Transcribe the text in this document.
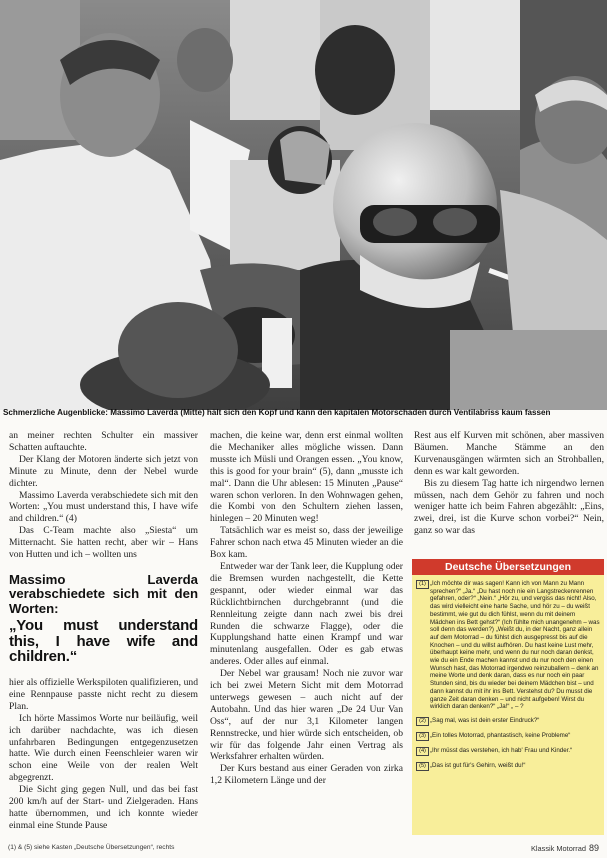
Schmerzliche Augenblicke: Massimo Laverda (Mitte) hält sich den Kopf und kann den kapitalen Motorschaden durch Ventilabriss kaum fassen

an meiner rechten Schulter ein massiver Schatten auftauchte.

Der Klang der Motoren änderte sich jetzt von Minute zu Minute, denn der Nebel wurde dichter.

Massimo Laverda verabschiedete sich mit den Worten: „You must understand this, I have wife and children.“ (4)

Das C-Team machte also „Siesta“ um Mitternacht. Sie hatten recht, aber wir – Hans von Hutten und ich – wollten uns

Massimo Laverda verabschiedete sich mit den Worten:
„You must understand this, I have wife and children.“

hier als offizielle Werkspiloten qualifizieren, und eine Rennpause passte nicht recht zu diesem Plan.

Ich hörte Massimos Worte nur beiläufig, weil ich darüber nachdachte, was ich diesen unfahrbaren Bedingungen entgegenzusetzen hatte. Wie durch einen Feenschleier waren wir schon eine Weile von der realen Welt abgegrenzt.

Die Sicht ging gegen Null, und das bei fast 200 km/h auf der Start- und Zielgeraden. Hans hatte übernommen, und ich konnte wieder einmal eine Stunde Pause

machen, die keine war, denn erst einmal wollten die Mechaniker alles mögliche wissen. Dann musste ich Müsli und Orangen essen. „You know, this is good for your brain“ (5), dann „musste ich mal“. Dann die Uhr ablesen: 15 Minuten „Pause“ waren schon verloren. In den Wohnwagen gehen, die Kombi von den Schultern ziehen lassen, hinlegen – 20 Minuten weg!

Tatsächlich war es meist so, dass der jeweilige Fahrer schon nach etwa 45 Minuten wieder an die Box kam.

Entweder war der Tank leer, die Kupplung oder die Bremsen wurden nachgestellt, die Kette gespannt, oder wieder einmal war das Rücklichtbirnchen durchgebrannt (und die Rennleitung zeigte dann nach zwei bis drei Runden die schwarze Flagge), oder die Kupplungshand hatte einen Krampf und war minutenlang ausgefallen. Oder es gab etwas anderes. Oder alles auf einmal.

Der Nebel war grausam! Noch nie zuvor war ich bei zwei Metern Sicht mit dem Motorrad unterwegs gewesen – auch nicht auf der Autobahn. Und das hier waren „De 24 Uur Van Oss“, auf der nur 3,1 Kilometer langen Rennstrecke, und hier würde sich entscheiden, ob wir für das folgende Jahr einen Vertrag als Werksfahrer erhalten würden.

Der Kurs bestand aus einer Geraden von zirka 1,2 Kilometern Länge und der

Rest aus elf Kurven mit schönen, aber massiven Bäumen. Manche Stämme an den Kurvenausgängen wärmten sich an Strohballen, denn es war kalt geworden.

Bis zu diesem Tag hatte ich nirgendwo lernen müssen, nach dem Gehör zu fahren und noch weniger hatte ich beim Fahren abgezählt: „Eins, zwei, drei, ist die Kurve schon vorbei?“ Nein, ganz so war das

Deutsche Übersetzungen
(1) „Ich möchte dir was sagen! Kann ich von Mann zu Mann sprechen?“ „Ja.“ „Du hast noch nie ein Langstreckenrennen gefahren, oder?“ „Nein.“ „Hör zu, und vergiss das nicht! Also, das wird vielleicht eine harte Sache, und hör zu – du weißt bestimmt, wie gut du dich fühlst, wenn du mit deinem Mädchen ins Bett gehst?“ (Ich fühlte mich unangenehm – was soll denn das werden?) „Weißt du, in der Nacht, ganz allein auf dem Motorrad – du fühlst dich ausgepresst bis auf die Knochen – und du willst aufhören. Du hast keine Lust mehr, überhaupt keine mehr, und wenn du nur noch daran denkst, wie du ein Ende machen kannst und du nur noch den einen Wunsch hast, das Motorrad irgendwo reinzuballern – denk an meine Worte und denk daran, dass es nur noch ein paar Stunden sind, bis du wieder bei deinem Mädchen bist – und dann kannst du mit ihr ins Bett. Verstehst du? Du musst die ganze Zeit daran denken – und nicht aufgeben! Wirst du wirklich daran denken?“ „Ja!“ „ – ?
(2) „Sag mal, was ist dein erster Eindruck?“
(3) „Ein tolles Motorrad, phantastisch, keine Probleme“
(4) „Ihr müsst das verstehen, ich hab' Frau und Kinder.“
(5) „Das ist gut für's Gehirn, weißt du!“
(1) & (5) siehe Kasten „Deutsche Übersetzungen“, rechts	Klassik Motorrad 89
